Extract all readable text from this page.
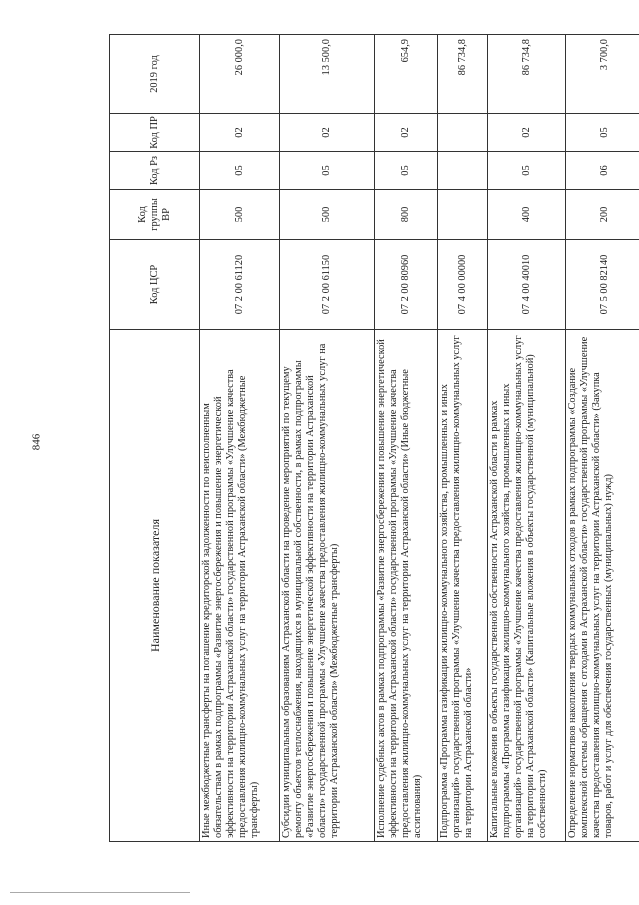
846
Наименование показателя	Код ЦСР	Код группы ВР	Код Рз	Код ПР	2019 год
Иные межбюджетные трансферты на погашение кредиторской задолженности по неисполненным обязательствам в рамках подпрограммы «Развитие энергосбережения и повышение энергетической эффективности на территории Астраханской области» государственной программы «Улучшение качества предоставления жилищно-коммунальных услуг на территории Астраханской области» (Межбюджетные трансферты)	07 2 00 61120	500	05	02	26 000,0
Субсидии муниципальным образованиям Астраханской области на проведение мероприятий по текущему ремонту объектов теплоснабжения, находящихся в муниципальной собственности, в рамках подпрограммы «Развитие энергосбережения и повышение энергетической эффективности на территории Астраханской области» государственной программы «Улучшение качества предоставления жилищно-коммунальных услуг на территории Астраханской области» (Межбюджетные трансферты)	07 2 00 61150	500	05	02	13 500,0
Исполнение судебных актов в рамках подпрограммы «Развитие энергосбережения и повышение энергетической эффективности на территории Астраханской области» государственной программы «Улучшение качества предоставления жилищно-коммунальных услуг на территории Астраханской области» (Иные бюджетные ассигнования)	07 2 00 80960	800	05	02	654,9
Подпрограмма «Программа газификации жилищно-коммунального хозяйства, промышленных и иных организаций» государственной программы «Улучшение качества предоставления жилищно-коммунальных услуг на территории Астраханской области»	07 4 00 00000				86 734,8
Капитальные вложения в объекты государственной собственности Астраханской области в рамках подпрограммы «Программа газификации жилищно-коммунального хозяйства, промышленных и иных организаций» государственной программы «Улучшение качества предоставления жилищно-коммунальных услуг на территории Астраханской области» (Капитальные вложения в объекты государственной (муниципальной) собственности)	07 4 00 40010	400	05	02	86 734,8
Определение нормативов накопления твердых коммунальных отходов в рамках подпрограммы «Создание комплексной системы обращения с отходами в Астраханской области» государственной программы «Улучшение качества предоставления жилищно-коммунальных услуг на территории Астраханской области» (Закупка товаров, работ и услуг для обеспечения государственных (муниципальных) нужд)	07 5 00 82140	200	06	05	3 700,0
